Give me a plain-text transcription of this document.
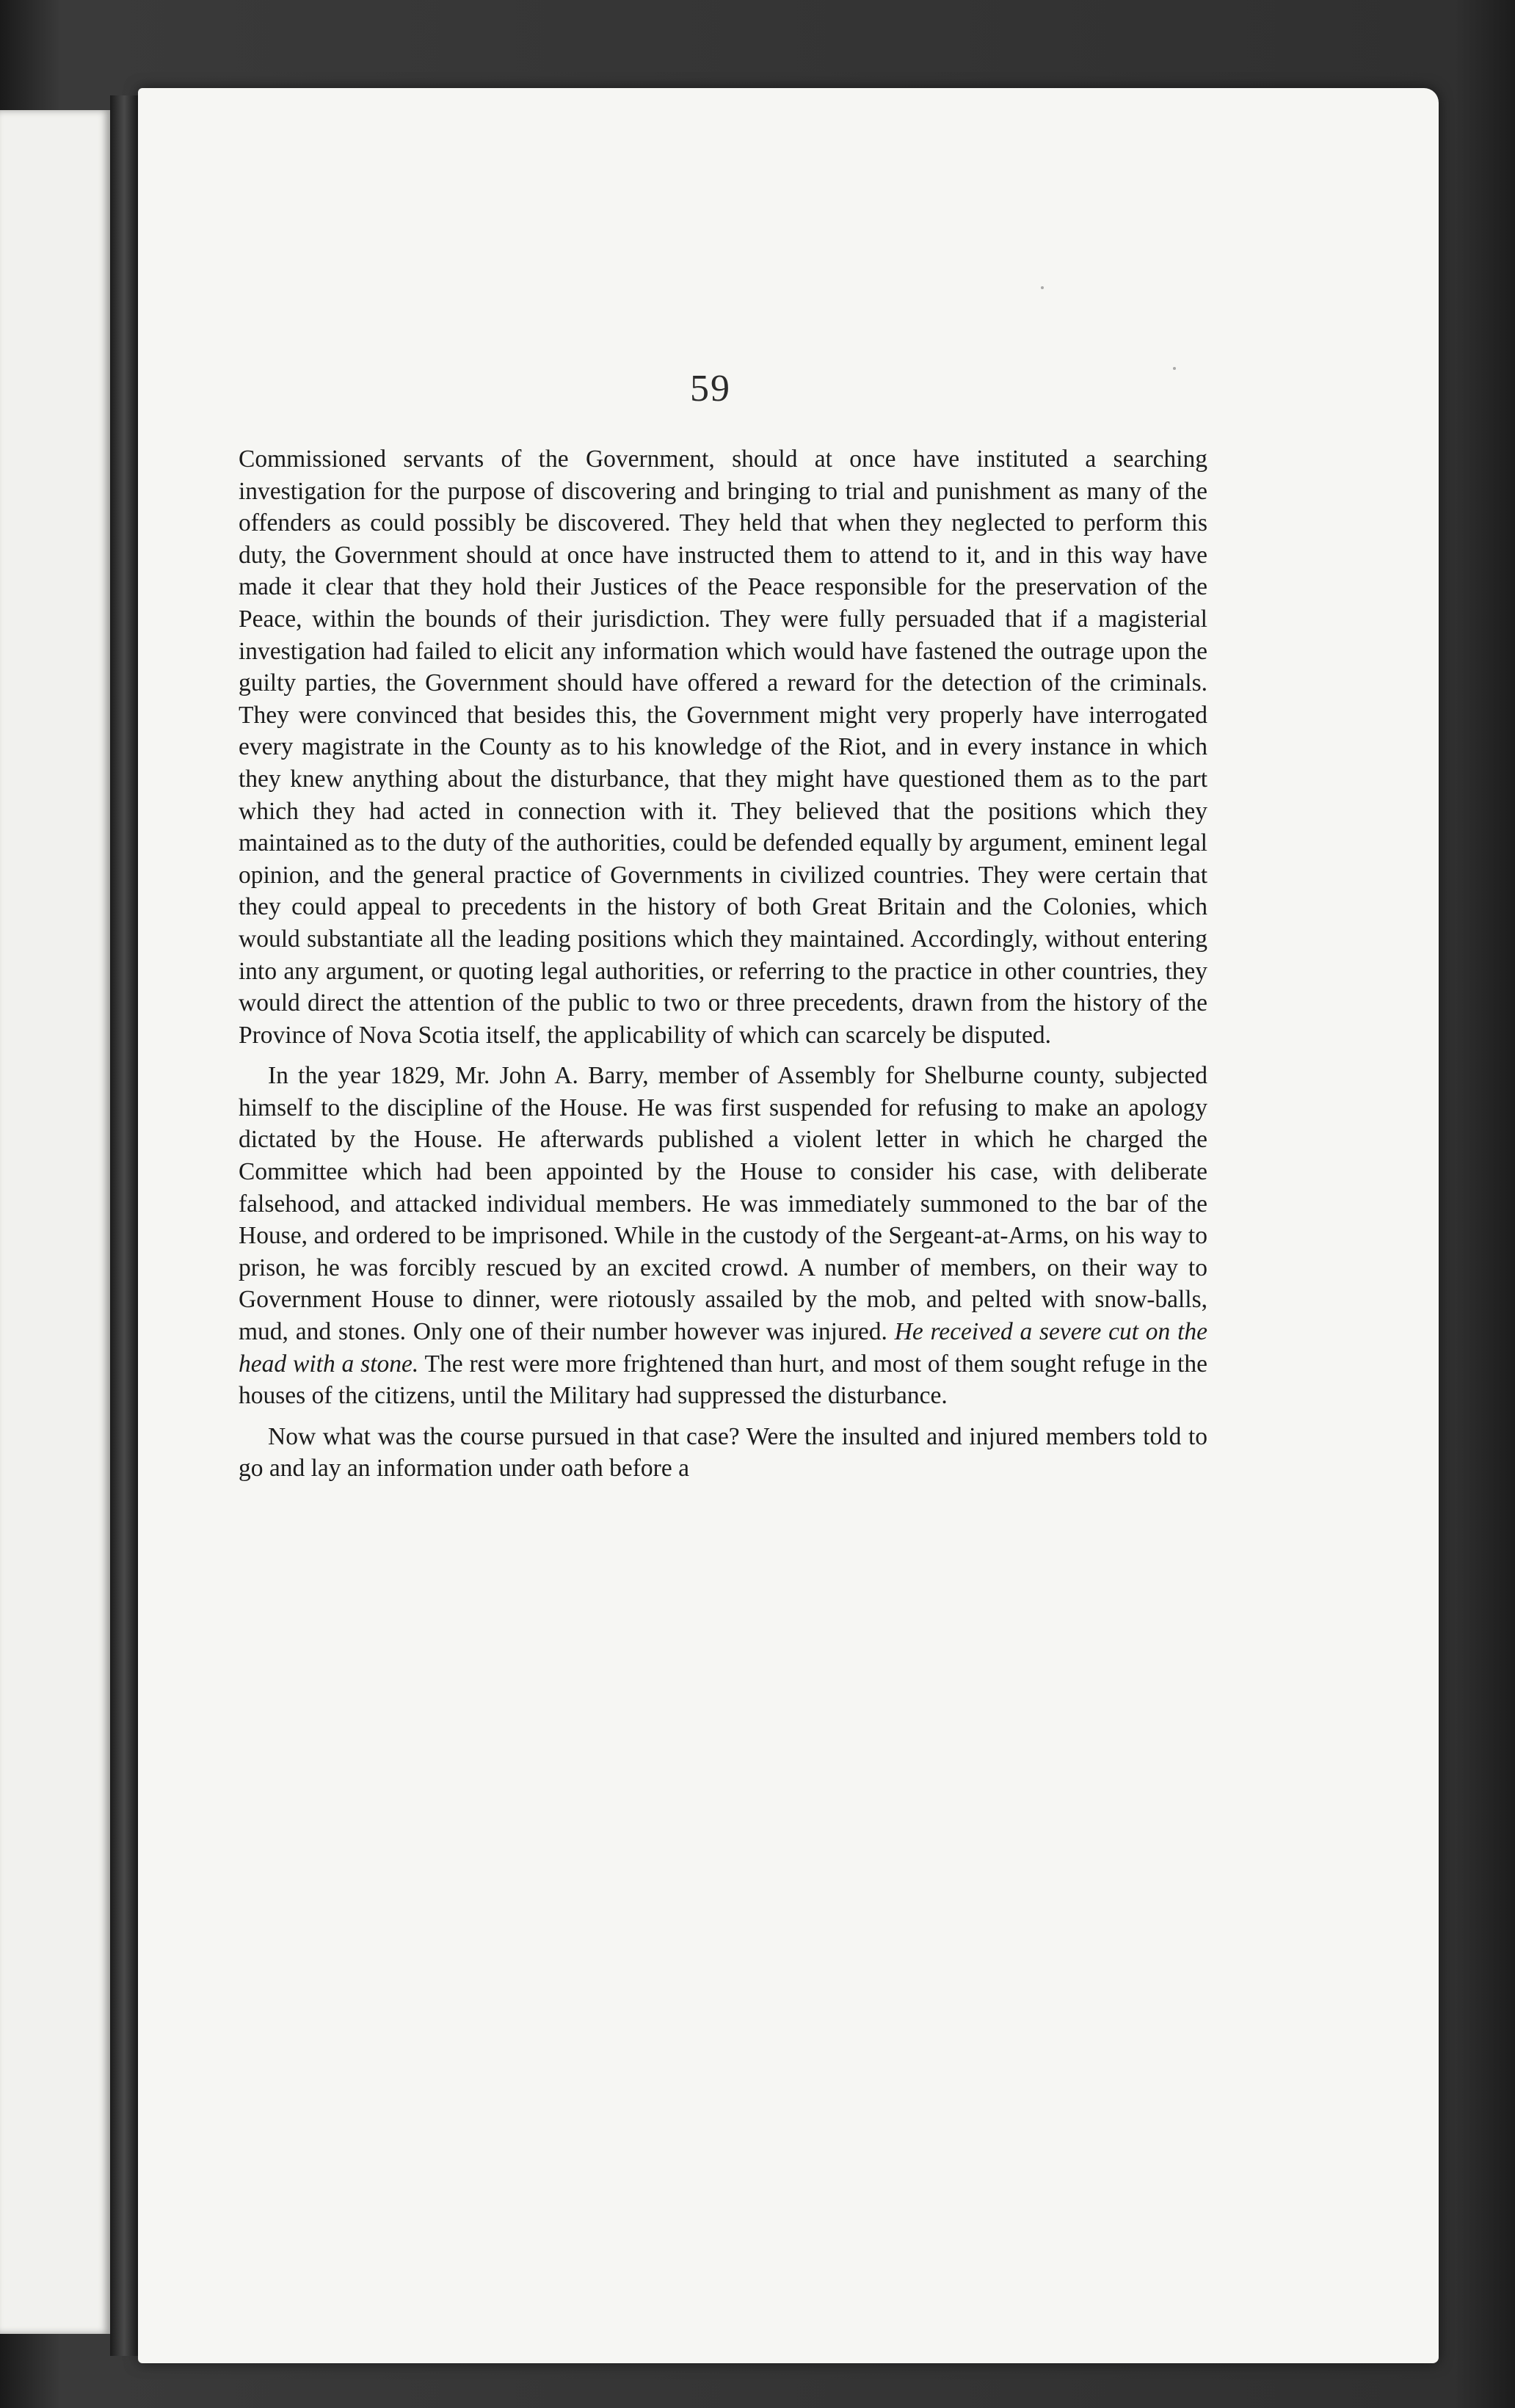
59

Commissioned servants of the Government, should at once have instituted a searching investigation for the purpose of discovering and bringing to trial and punishment as many of the offenders as could possibly be discovered. They held that when they neglected to perform this duty, the Government should at once have instructed them to attend to it, and in this way have made it clear that they hold their Justices of the Peace responsible for the preservation of the Peace, within the bounds of their jurisdiction. They were fully persuaded that if a magisterial investigation had failed to elicit any information which would have fastened the outrage upon the guilty parties, the Government should have offered a reward for the detection of the criminals. They were convinced that besides this, the Government might very properly have interrogated every magistrate in the County as to his knowledge of the Riot, and in every instance in which they knew anything about the disturbance, that they might have questioned them as to the part which they had acted in connection with it. They believed that the positions which they maintained as to the duty of the authorities, could be defended equally by argument, eminent legal opinion, and the general practice of Governments in civilized countries. They were certain that they could appeal to precedents in the history of both Great Britain and the Colonies, which would substantiate all the leading positions which they maintained. Accordingly, without entering into any argument, or quoting legal authorities, or referring to the practice in other countries, they would direct the attention of the public to two or three precedents, drawn from the history of the Province of Nova Scotia itself, the applicability of which can scarcely be disputed.

In the year 1829, Mr. John A. Barry, member of Assembly for Shelburne county, subjected himself to the discipline of the House. He was first suspended for refusing to make an apology dictated by the House. He afterwards published a violent letter in which he charged the Committee which had been appointed by the House to consider his case, with deliberate falsehood, and attacked individual members. He was immediately summoned to the bar of the House, and ordered to be imprisoned. While in the custody of the Sergeant-at-Arms, on his way to prison, he was forcibly rescued by an excited crowd. A number of members, on their way to Government House to dinner, were riotously assailed by the mob, and pelted with snow-balls, mud, and stones. Only one of their number however was injured. He received a severe cut on the head with a stone. The rest were more frightened than hurt, and most of them sought refuge in the houses of the citizens, until the Military had suppressed the disturbance.

Now what was the course pursued in that case? Were the insulted and injured members told to go and lay an information under oath before a
